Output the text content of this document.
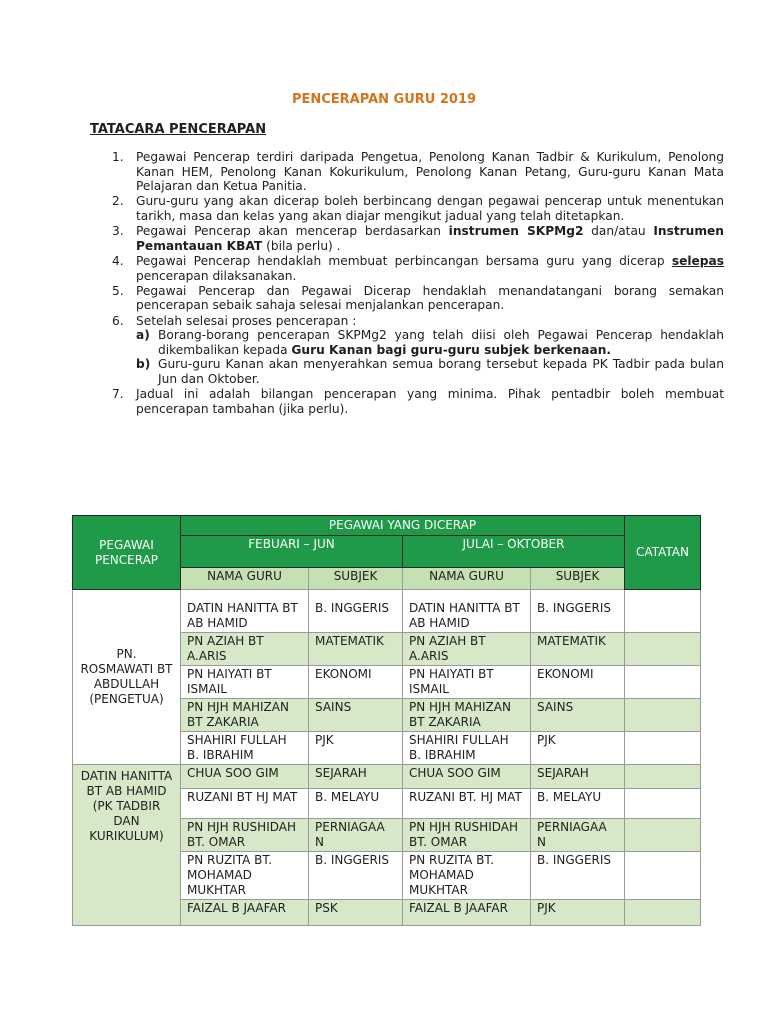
PENCERAPAN GURU 2019
TATACARA PENCERAPAN
1. Pegawai Pencerap terdiri daripada Pengetua, Penolong Kanan Tadbir & Kurikulum, Penolong Kanan HEM, Penolong Kanan Kokurikulum, Penolong Kanan Petang, Guru-guru Kanan Mata Pelajaran dan Ketua Panitia.
2. Guru-guru yang akan dicerap boleh berbincang dengan pegawai pencerap untuk menentukan tarikh, masa dan kelas yang akan diajar mengikut jadual yang telah ditetapkan.
3. Pegawai Pencerap akan mencerap berdasarkan instrumen SKPMg2 dan/atau Instrumen Pemantauan KBAT (bila perlu) .
4. Pegawai Pencerap hendaklah membuat perbincangan bersama guru yang dicerap selepas pencerapan dilaksanakan.
5. Pegawai Pencerap dan Pegawai Dicerap hendaklah menandatangani borang semakan pencerapan sebaik sahaja selesai menjalankan pencerapan.
6. Setelah selesai proses pencerapan :
a) Borang-borang pencerapan SKPMg2 yang telah diisi oleh Pegawai Pencerap hendaklah dikembalikan kepada Guru Kanan bagi guru-guru subjek berkenaan.
b) Guru-guru Kanan akan menyerahkan semua borang tersebut kepada PK Tadbir pada bulan Jun dan Oktober.
7. Jadual ini adalah bilangan pencerapan yang minima. Pihak pentadbir boleh membuat pencerapan tambahan (jika perlu).
PEGAWAI PENCERAP	PEGAWAI YANG DICERAP				CATATAN
	FEBUARI – JUN		JULAI – OKTOBER		
	NAMA GURU	SUBJEK	NAMA GURU	SUBJEK	
PN. ROSMAWATI BT ABDULLAH (PENGETUA)	DATIN HANITTA BT AB HAMID	B. INGGERIS	DATIN HANITTA BT AB HAMID	B. INGGERIS	
	PN AZIAH BT A.ARIS	MATEMATIK	PN AZIAH BT A.ARIS	MATEMATIK	
	PN HAIYATI BT ISMAIL	EKONOMI	PN HAIYATI BT ISMAIL	EKONOMI	
	PN HJH MAHIZAN BT ZAKARIA	SAINS	PN HJH MAHIZAN BT ZAKARIA	SAINS	
	SHAHIRI FULLAH B. IBRAHIM	PJK	SHAHIRI FULLAH B. IBRAHIM	PJK	
DATIN HANITTA BT AB HAMID (PK TADBIR DAN KURIKULUM)	CHUA SOO GIM	SEJARAH	CHUA SOO GIM	SEJARAH	
	RUZANI BT HJ MAT	B. MELAYU	RUZANI BT. HJ MAT	B. MELAYU	
	PN HJH RUSHIDAH BT. OMAR	PERNIAGAA N	PN HJH RUSHIDAH BT. OMAR	PERNIAGAA N	
	PN RUZITA BT. MOHAMAD MUKHTAR	B. INGGERIS	PN RUZITA BT. MOHAMAD MUKHTAR	B. INGGERIS	
	FAIZAL B JAAFAR	PSK	FAIZAL B JAAFAR	PJK	
